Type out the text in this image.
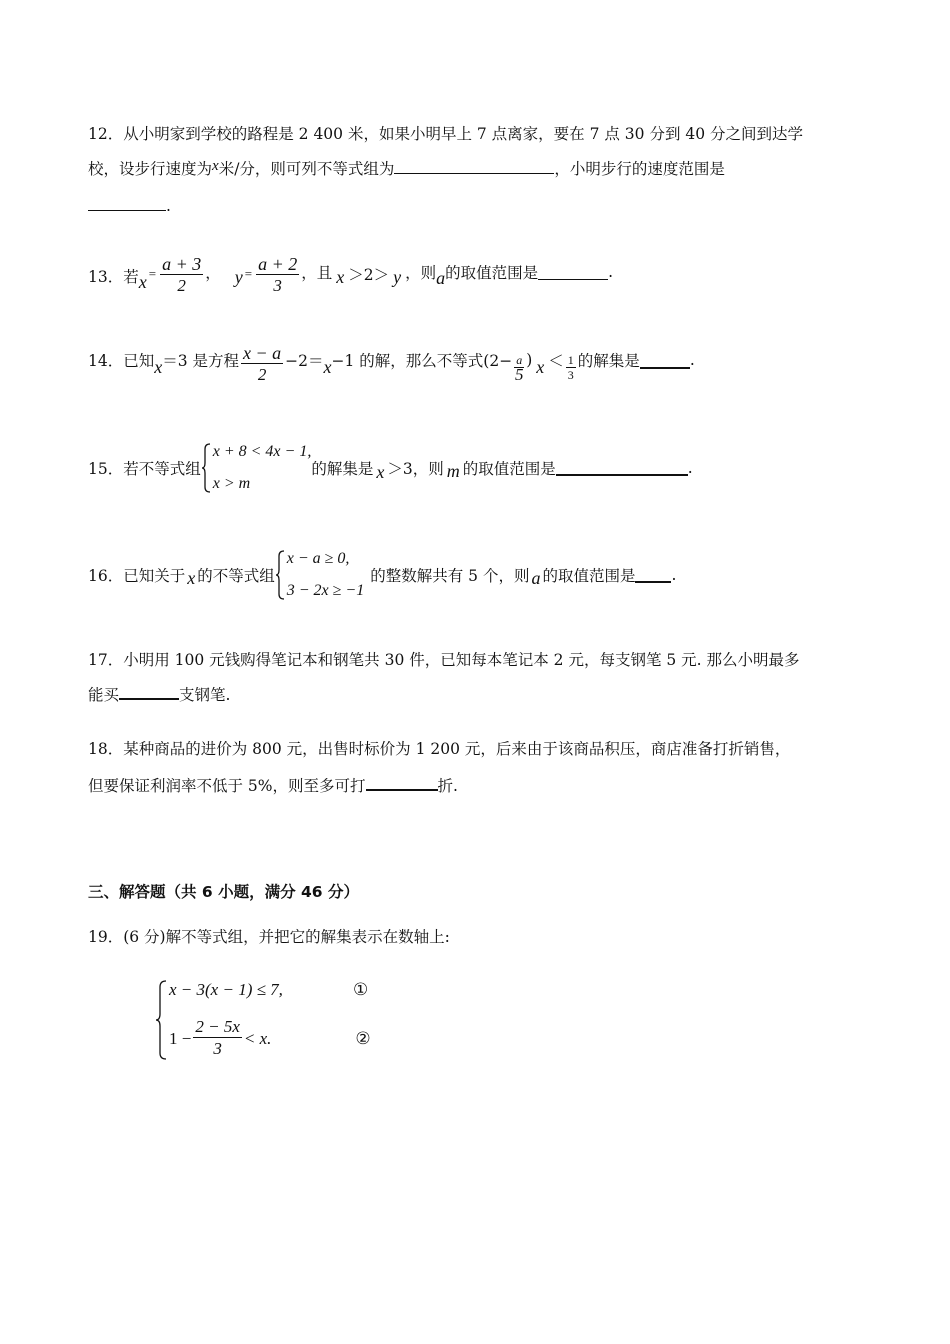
12．从小明家到学校的路程是 2 400 米，如果小明早上 7 点离家，要在 7 点 30 分到 40 分之间到达学
校，设步行速度为x米/分，则可列不等式组为	，小明步行的速度范围是
.
13．若 $x = \frac{a + 3}{2}$ ， $y = \frac{a + 2}{3}$ ，且 x ＞2＞ y ，则 a 的取值范围是	.
14．已知 x ＝3 是方程 $\frac{x - a}{2} -2= x -1$ 的解，那么不等式($2- \frac{a}{5}$ ) $x < \frac{1}{3}$ 的解集是	.
15．若不等式组
x + 8 < 4x − 1,
x > m
的解集是 x ＞3，则 m 的取值范围是	.
16．已知关于 x 的不等式组
x − a ≥ 0,
3 − 2x ≥ −1
的整数解共有 5 个，则 a 的取值范围是 .
17．小明用 100 元钱购得笔记本和钢笔共 30 件，已知每本笔记本 2 元，每支钢笔 5 元. 那么小明最多
能买	支钢笔.
18．某种商品的进价为 800 元，出售时标价为 1 200 元，后来由于该商品积压，商店准备打折销售，
但要保证利润率不低于 5%，则至多可打	折.
三、解答题（共 6 小题，满分 46 分）
19．(6 分)解不等式组，并把它的解集表示在数轴上:
x − 3(x − 1) ≤ 7,	①
$1 - \frac{2 - 5x}{3} < x$.	②
